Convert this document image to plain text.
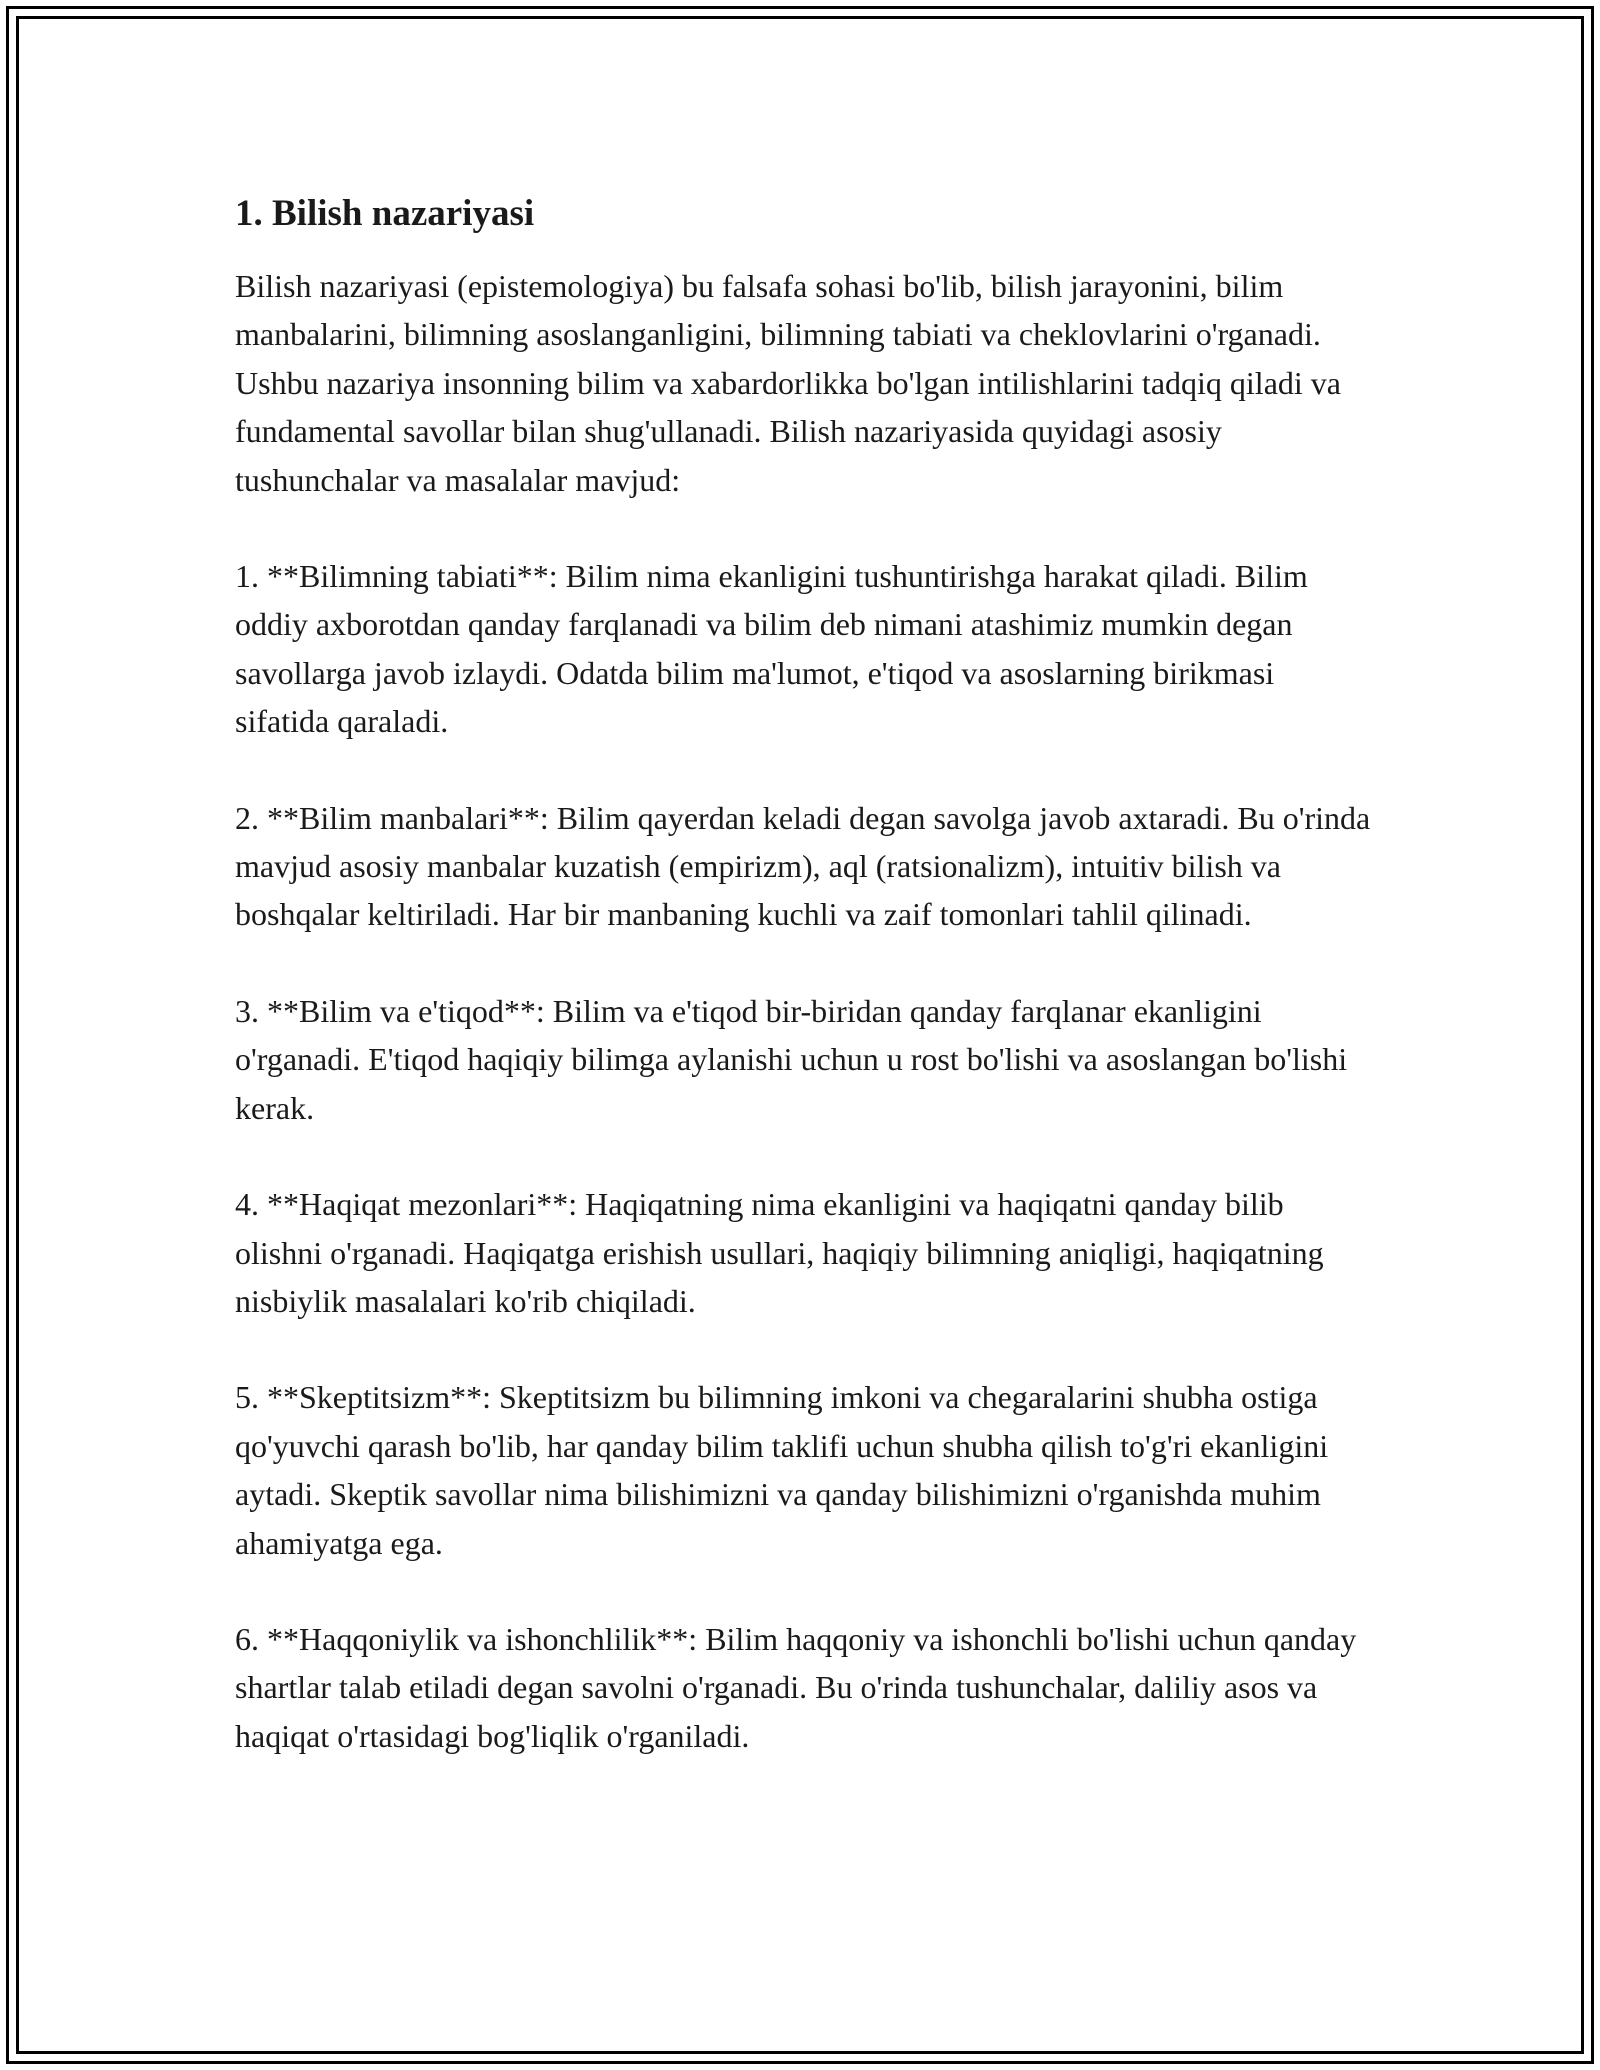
1. Bilish nazariyasi

Bilish nazariyasi (epistemologiya) bu falsafa sohasi bo'lib, bilish jarayonini, bilim manbalarini, bilimning asoslanganligini, bilimning tabiati va cheklovlarini o'rganadi. Ushbu nazariya insonning bilim va xabardorlikka bo'lgan intilishlarini tadqiq qiladi va fundamental savollar bilan shug'ullanadi. Bilish nazariyasida quyidagi asosiy tushunchalar va masalalar mavjud:

1. **Bilimning tabiati**: Bilim nima ekanligini tushuntirishga harakat qiladi. Bilim oddiy axborotdan qanday farqlanadi va bilim deb nimani atashimiz mumkin degan savollarga javob izlaydi. Odatda bilim ma'lumot, e'tiqod va asoslarning birikmasi sifatida qaraladi.

2. **Bilim manbalari**: Bilim qayerdan keladi degan savolga javob axtaradi. Bu o'rinda mavjud asosiy manbalar kuzatish (empirizm), aql (ratsionalizm), intuitiv bilish va boshqalar keltiriladi. Har bir manbaning kuchli va zaif tomonlari tahlil qilinadi.

3. **Bilim va e'tiqod**: Bilim va e'tiqod bir-biridan qanday farqlanar ekanligini o'rganadi. E'tiqod haqiqiy bilimga aylanishi uchun u rost bo'lishi va asoslangan bo'lishi kerak.

4. **Haqiqat mezonlari**: Haqiqatning nima ekanligini va haqiqatni qanday bilib olishni o'rganadi. Haqiqatga erishish usullari, haqiqiy bilimning aniqligi, haqiqatning nisbiylik masalalari ko'rib chiqiladi.

5. **Skeptitsizm**: Skeptitsizm bu bilimning imkoni va chegaralarini shubha ostiga qo'yuvchi qarash bo'lib, har qanday bilim taklifi uchun shubha qilish to'g'ri ekanligini aytadi. Skeptik savollar nima bilishimizni va qanday bilishimizni o'rganishda muhim ahamiyatga ega.

6. **Haqqoniylik va ishonchlilik**: Bilim haqqoniy va ishonchli bo'lishi uchun qanday shartlar talab etiladi degan savolni o'rganadi. Bu o'rinda tushunchalar, daliliy asos va haqiqat o'rtasidagi bog'liqlik o'rganiladi.
